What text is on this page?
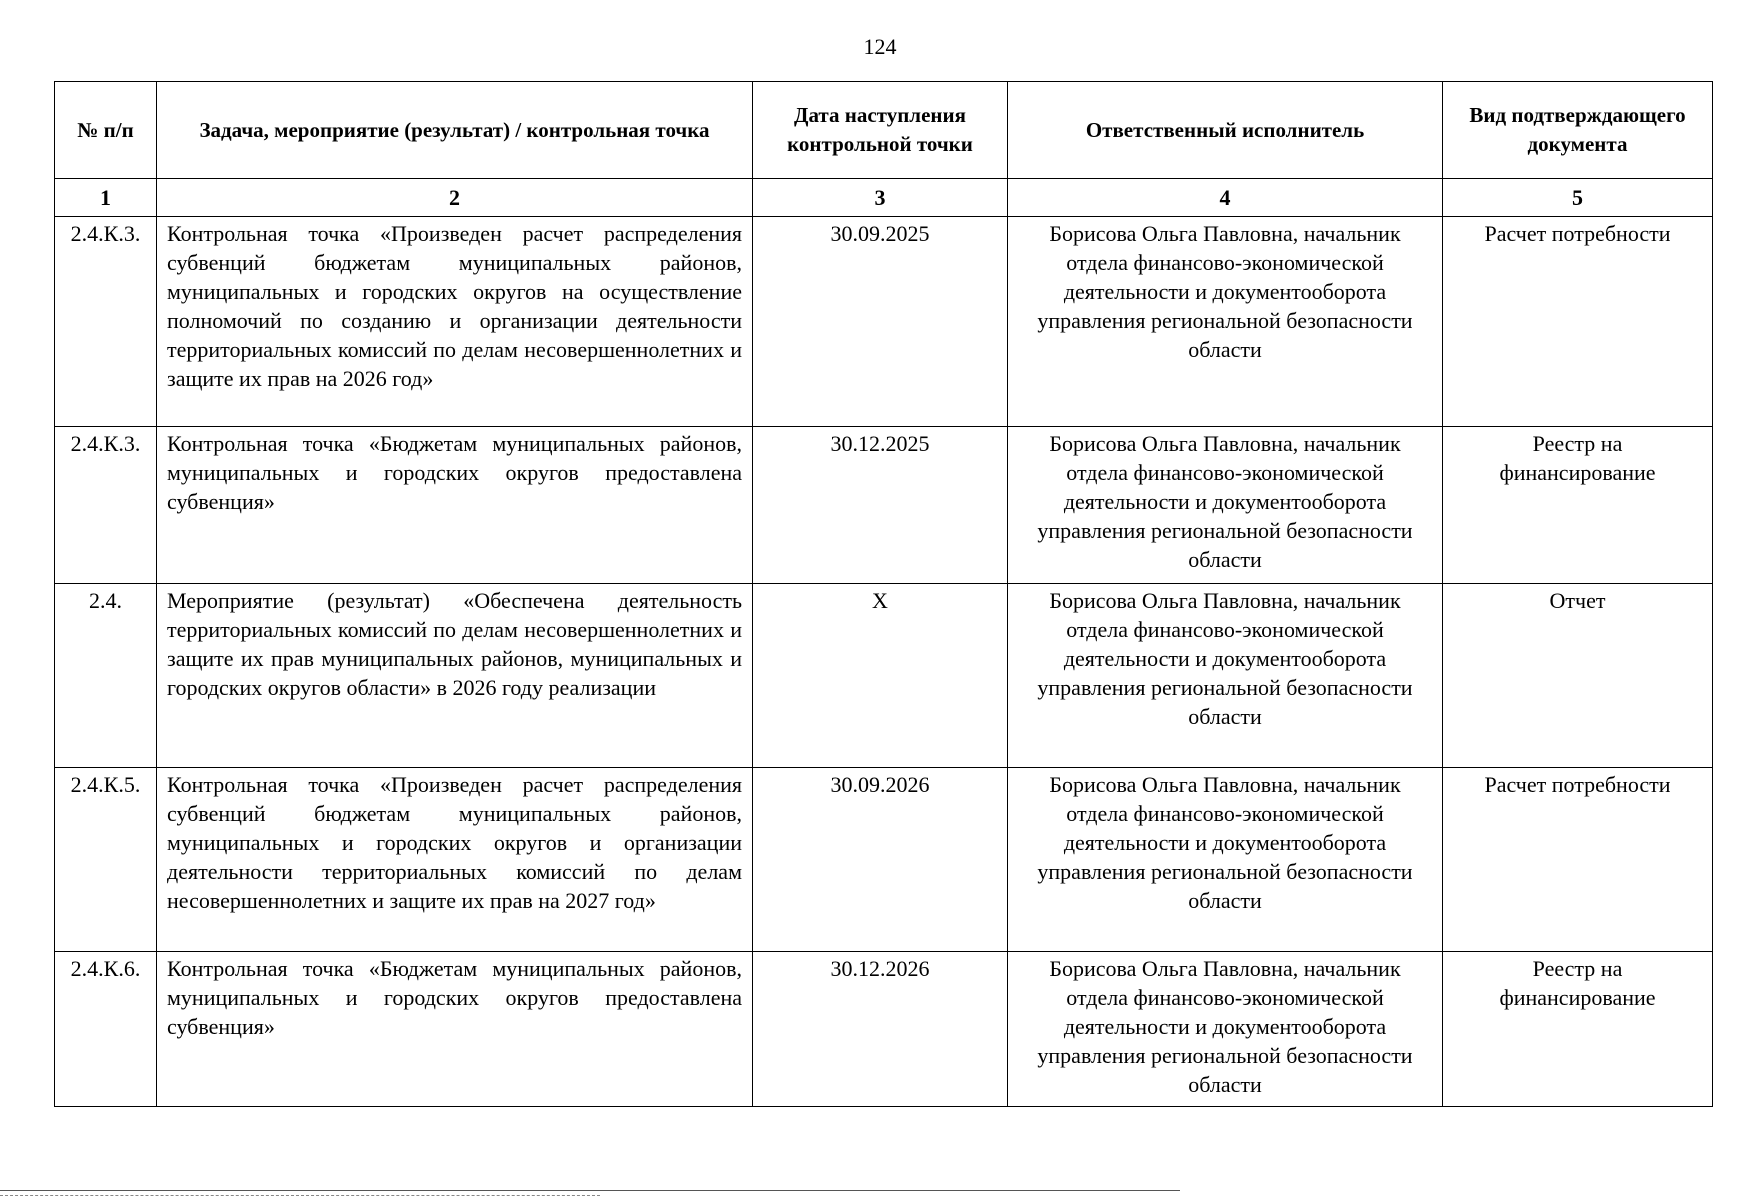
124
№ п/п	Задача, мероприятие (результат) / контрольная точка	Дата наступления контрольной точки	Ответственный исполнитель	Вид подтверждающего документа
1	2	3	4	5
2.4.К.3.	Контрольная точка «Произведен расчет распределения субвенций бюджетам муниципальных районов, муниципальных и городских округов на осуществление полномочий по созданию и организации деятельности территориальных комиссий по делам несовершеннолетних и защите их прав на 2026 год»	30.09.2025	Борисова Ольга Павловна, начальник отдела финансово-экономической деятельности и документооборота управления региональной безопасности области	Расчет потребности
2.4.К.3.	Контрольная точка «Бюджетам муниципальных районов, муниципальных и городских округов предоставлена субвенция»	30.12.2025	Борисова Ольга Павловна, начальник отдела финансово-экономической деятельности и документооборота управления региональной безопасности области	Реестр на финансирование
2.4.	Мероприятие (результат) «Обеспечена деятельность территориальных комиссий по делам несовершеннолетних и защите их прав муниципальных районов, муниципальных и городских округов области» в 2026 году реализации	Х	Борисова Ольга Павловна, начальник отдела финансово-экономической деятельности и документооборота управления региональной безопасности области	Отчет
2.4.К.5.	Контрольная точка «Произведен расчет распределения субвенций бюджетам муниципальных районов, муниципальных и городских округов и организации деятельности территориальных комиссий по делам несовершеннолетних и защите их прав на 2027 год»	30.09.2026	Борисова Ольга Павловна, начальник отдела финансово-экономической деятельности и документооборота управления региональной безопасности области	Расчет потребности
2.4.К.6.	Контрольная точка «Бюджетам муниципальных районов, муниципальных и городских округов предоставлена субвенция»	30.12.2026	Борисова Ольга Павловна, начальник отдела финансово-экономической деятельности и документооборота управления региональной безопасности области	Реестр на финансирование
